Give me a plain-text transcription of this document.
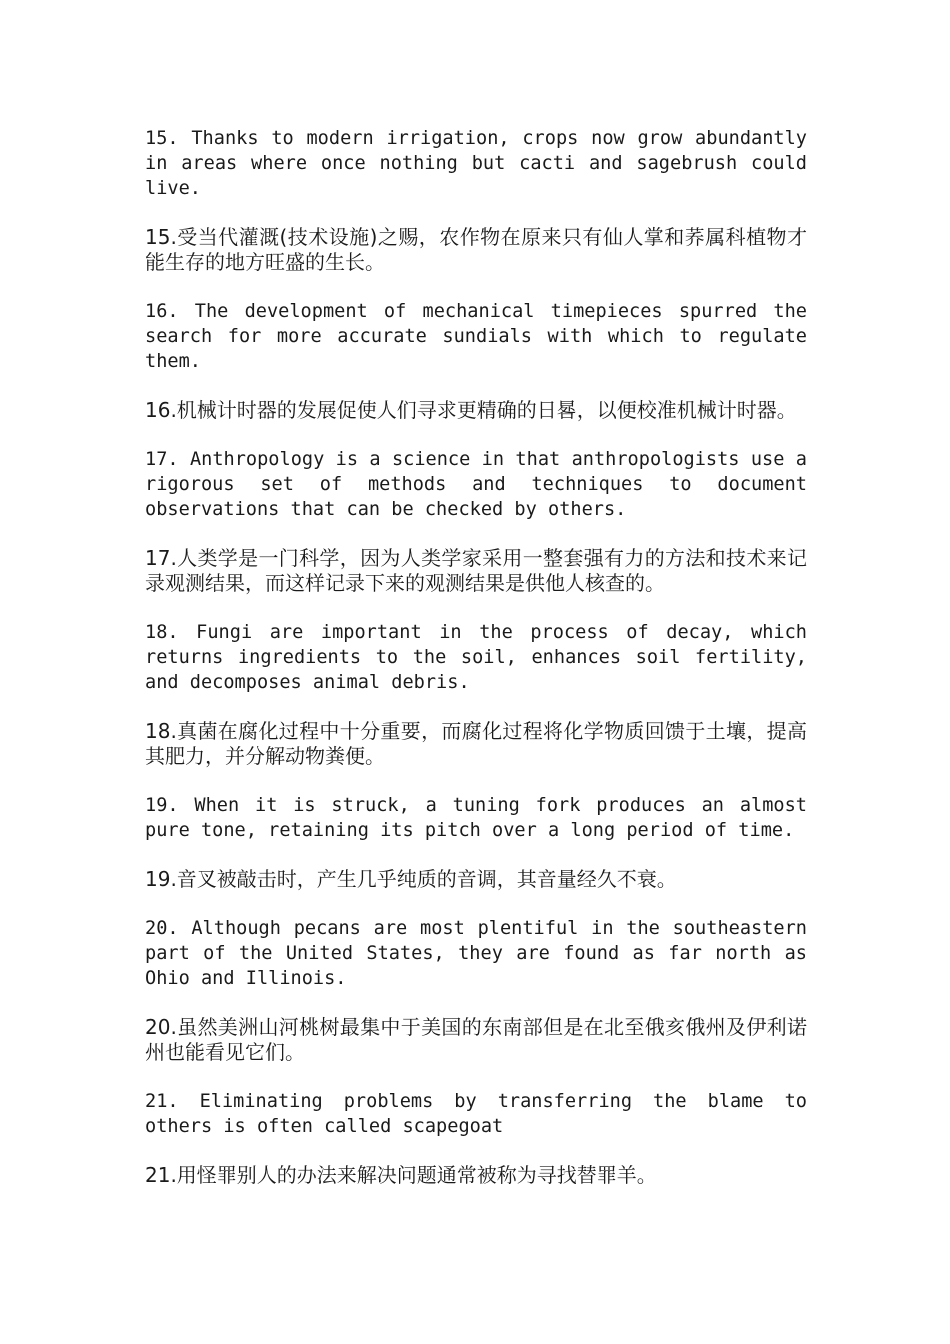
15. Thanks to modern irrigation, crops now grow abundantly in areas where once nothing but cacti and sagebrush could live.

15.受当代灌溉(技术设施)之赐，农作物在原来只有仙人掌和荞属科植物才能生存的地方旺盛的生长。

16. The development of mechanical timepieces spurred the search for more accurate sundials with which to regulate them.

16.机械计时器的发展促使人们寻求更精确的日晷，以便校准机械计时器。

17. Anthropology is a science in that anthropologists use a rigorous set of methods and techniques to document observations that can be checked by others.

17.人类学是一门科学，因为人类学家采用一整套强有力的方法和技术来记录观测结果，而这样记录下来的观测结果是供他人核查的。

18. Fungi are important in the process of decay, which returns ingredients to the soil, enhances soil fertility, and decomposes animal debris.

18.真菌在腐化过程中十分重要，而腐化过程将化学物质回馈于土壤，提高其肥力，并分解动物粪便。

19. When it is struck, a tuning fork produces an almost pure tone, retaining its pitch over a long period of time.

19.音叉被敲击时，产生几乎纯质的音调，其音量经久不衰。

20. Although pecans are most plentiful in the southeastern part of the United States, they are found as far north as Ohio and Illinois.

20.虽然美洲山河桃树最集中于美国的东南部但是在北至俄亥俄州及伊利诺州也能看见它们。

21. Eliminating problems by transferring the blame to others is often called scapegoat

21.用怪罪别人的办法来解决问题通常被称为寻找替罪羊。
